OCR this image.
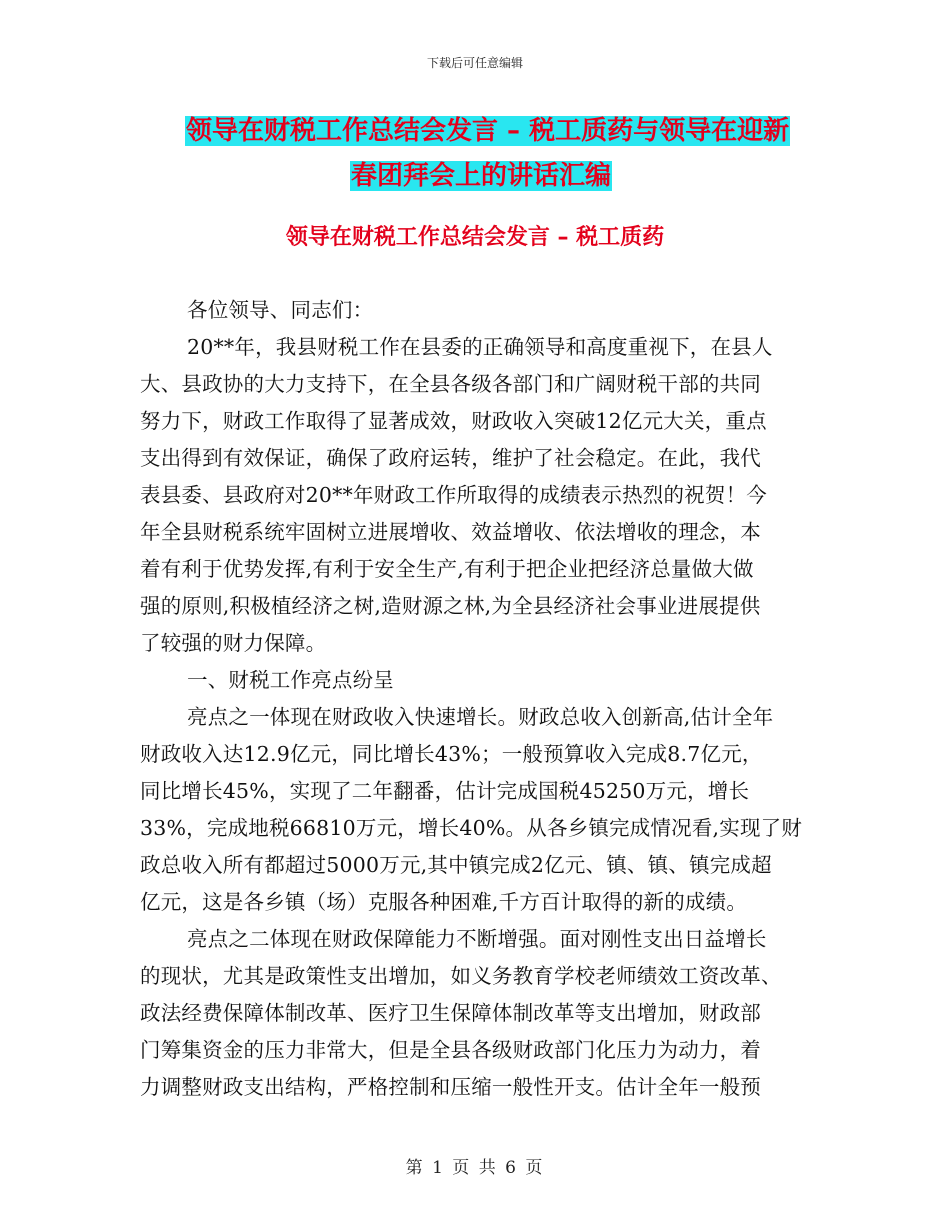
下载后可任意编辑
领导在财税工作总结会发言 – 税工质药与领导在迎新
春团拜会上的讲话汇编
领导在财税工作总结会发言 – 税工质药
各位领导、同志们：
20**年，我县财税工作在县委的正确领导和高度重视下，在县人
大、县政协的大力支持下，在全县各级各部门和广阔财税干部的共同
努力下，财政工作取得了显著成效，财政收入突破12亿元大关，重点
支出得到有效保证，确保了政府运转，维护了社会稳定。在此，我代
表县委、县政府对20**年财政工作所取得的成绩表示热烈的祝贺！今
年全县财税系统牢固树立进展增收、效益增收、依法增收的理念，本
着有利于优势发挥,有利于安全生产,有利于把企业把经济总量做大做
强的原则,积极植经济之树,造财源之林,为全县经济社会事业进展提供
了较强的财力保障。
一、财税工作亮点纷呈
亮点之一体现在财政收入快速增长。财政总收入创新高,估计全年
财政收入达12.9亿元，同比增长43%；一般预算收入完成8.7亿元，
同比增长45%，实现了二年翻番，估计完成国税45250万元，增长
33%，完成地税66810万元，增长40%。从各乡镇完成情况看,实现了财
政总收入所有都超过5000万元,其中镇完成2亿元、镇、镇、镇完成超
亿元，这是各乡镇（场）克服各种困难,千方百计取得的新的成绩。
亮点之二体现在财政保障能力不断增强。面对刚性支出日益增长
的现状，尤其是政策性支出增加，如义务教育学校老师绩效工资改革、
政法经费保障体制改革、医疗卫生保障体制改革等支出增加，财政部
门筹集资金的压力非常大，但是全县各级财政部门化压力为动力，着
力调整财政支出结构，严格控制和压缩一般性开支。估计全年一般预
第 1 页 共 6 页
